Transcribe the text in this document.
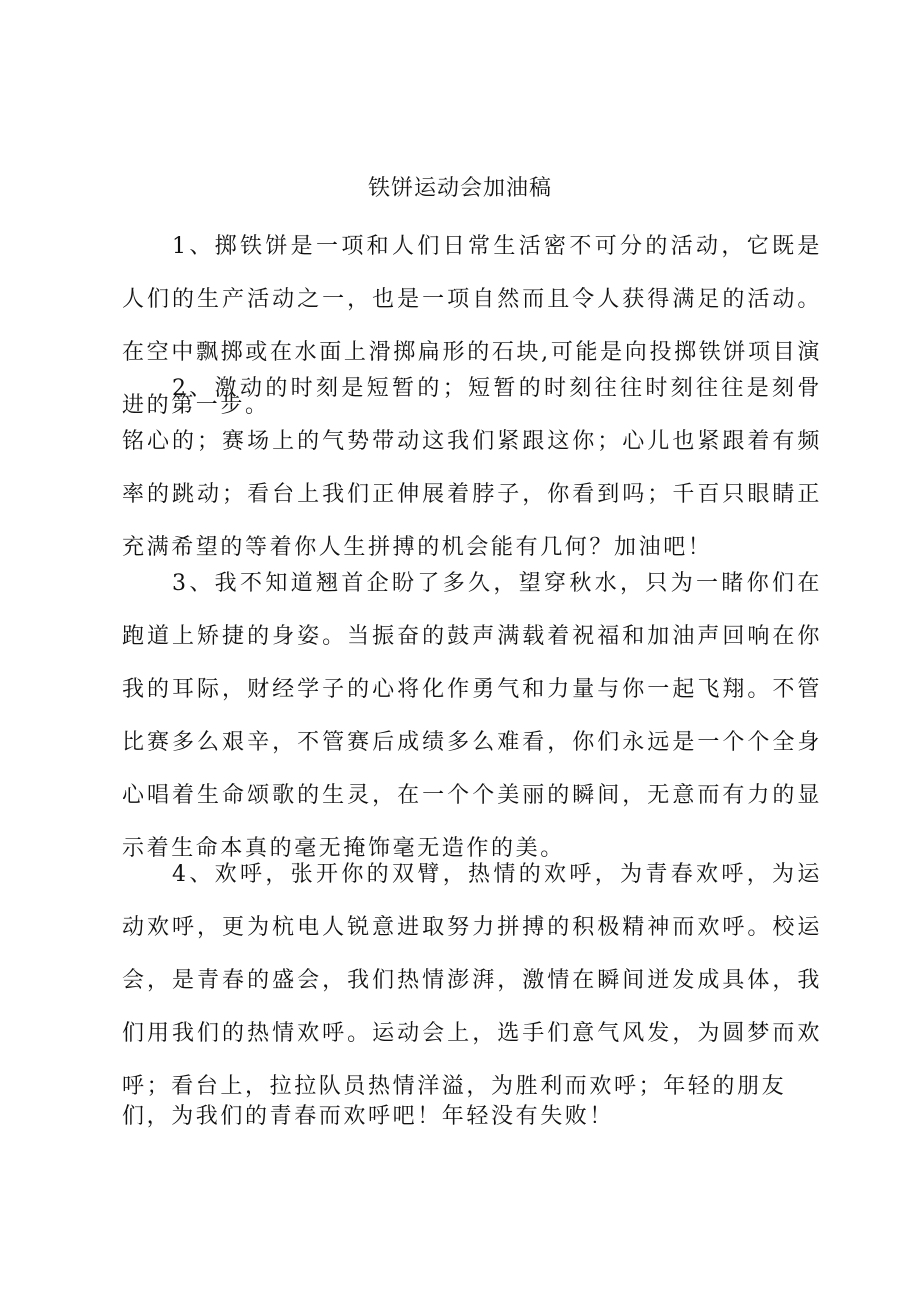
铁饼运动会加油稿

1、掷铁饼是一项和人们日常生活密不可分的活动，它既是人们的生产活动之一，也是一项自然而且令人获得满足的活动。在空中飘掷或在水面上滑掷扁形的石块,可能是向投掷铁饼项目演进的第一步。

2、激动的时刻是短暂的；短暂的时刻往往时刻往往是刻骨铭心的；赛场上的气势带动这我们紧跟这你；心儿也紧跟着有频率的跳动；看台上我们正伸展着脖子，你看到吗；千百只眼睛正充满希望的等着你人生拼搏的机会能有几何？加油吧！

3、我不知道翘首企盼了多久，望穿秋水，只为一睹你们在跑道上矫捷的身姿。当振奋的鼓声满载着祝福和加油声回响在你我的耳际，财经学子的心将化作勇气和力量与你一起飞翔。不管比赛多么艰辛，不管赛后成绩多么难看，你们永远是一个个全身心唱着生命颂歌的生灵，在一个个美丽的瞬间，无意而有力的显示着生命本真的毫无掩饰毫无造作的美。

4、欢呼，张开你的双臂，热情的欢呼，为青春欢呼，为运动欢呼，更为杭电人锐意进取努力拼搏的积极精神而欢呼。校运会，是青春的盛会，我们热情澎湃，激情在瞬间迸发成具体，我们用我们的热情欢呼。运动会上，选手们意气风发，为圆梦而欢呼；看台上，拉拉队员热情洋溢，为胜利而欢呼；年轻的朋友

们，为我们的青春而欢呼吧！年轻没有失败！
